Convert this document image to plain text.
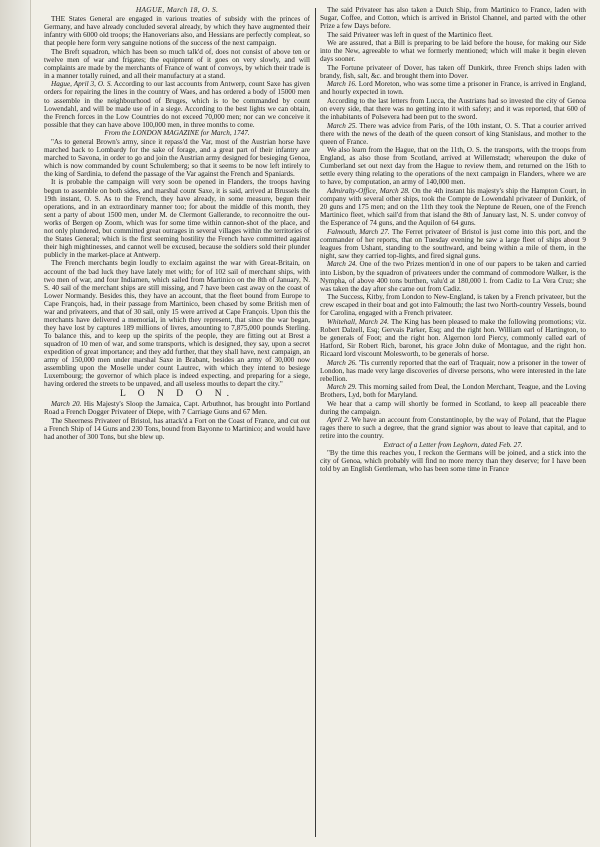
HAGUE, March 18, O. S.

THE States General are engaged in various treaties of subsidy with the princes of Germany, and have already concluded several already, by which they have augmented their infantry with 6000 old troops; the Hanoverians also, and Hessians are perfectly compleat, so that people here form very sanguine notions of the success of the next campaign.

The Breft squadron, which has been so much talk'd of, does not consist of above ten or twelve men of war and frigates; the equipment of it goes on very slowly, and will complaints are made by the merchants of France of want of convoys, by which their trade is in a manner totally ruined, and all their manufactury at a stand.

Hague, April 3, O. S. According to our last accounts from Antwerp, count Saxe has given orders for repairing the lines in the country of Waes, and has ordered a body of 15000 men to assemble in the neighbourhood of Bruges, which is to be commanded by count Lowendahl, and will be made use of in a siege. According to the best lights we can obtain, the French forces in the Low Countries do not exceed 70,000 men; nor can we conceive it possible that they can have above 100,000 men, in three months to come.

From the LONDON MAGAZINE for March, 1747.

"As to general Brown's army, since it repass'd the Var, most of the Austrian horse have marched back to Lombardy for the sake of forage, and a great part of their infantry are marched to Savona, in order to go and join the Austrian army designed for besieging Genoa, which is now commanded by count Schulemberg; so that it seems to be now left intirely to the king of Sardinia, to defend the passage of the Var against the French and Spaniards.

It is probable the campaign will very soon be opened in Flanders, the troops having begun to assemble on both sides, and marshal count Saxe, it is said, arrived at Brussels the 19th instant, O. S. As to the French, they have already, in some measure, begun their operations, and in an extraordinary manner too; for about the middle of this month, they sent a party of about 1500 men, under M. de Clermont Gallerande, to reconnoitre the out-works of Bergen op Zoom, which was for some time within cannon-shot of the place, and not only plundered, but committed great outrages in several villages within the territories of the States General; which is the first seeming hostility the French have committed against their high mightinesses, and cannot well be excused, because the soldiers sold their plunder publicly in the market-place at Antwerp.

The French merchants begin loudly to exclaim against the war with Great-Britain, on account of the bad luck they have lately met with; for of 102 sail of merchant ships, with two men of war, and four Indiamen, which sailed from Martinico on the 8th of January, N. S. 40 sail of the merchant ships are still missing, and 7 have been cast away on the coast of Lower Normandy. Besides this, they have an account, that the fleet bound from Europe to Cape François, had, in their passage from Martinico, been chased by some British men of war and privateers, and that of 30 sail, only 15 were arrived at Cape François. Upon this the merchants have delivered a memorial, in which they represent, that since the war began, they have lost by captures 189 millions of livres, amounting to 7,875,000 pounds Sterling. To balance this, and to keep up the spirits of the people, they are fitting out at Brest a squadron of 10 men of war, and some transports, which is designed, they say, upon a secret expedition of great importance; and they add further, that they shall have, next campaign, an army of 150,000 men under marshal Saxe in Brabant, besides an army of 30,000 now assembling upon the Moselle under count Lautrec, with which they intend to besiege Luxembourg; the governor of which place is indeed expecting, and preparing for a siege, having ordered the streets to be unpaved, and all useless mouths to depart the city."

L O N D O N.

March 20. His Majesty's Sloop the Jamaica, Capt. Arbuthnot, has brought into Portland Road a French Dogger Privateer of Diepe, with 7 Carriage Guns and 67 Men.

The Sheerness Privateer of Bristol, has attack'd a Fort on the Coast of France, and cut out a French Ship of 14 Guns and 230 Tons, bound from Bayonne to Martinico; and would have had another of 300 Tons, but she blew up.

The said Privateer has also taken a Dutch Ship, from Martinico to France, laden with Sugar, Coffee, and Cotton, which is arrived in Bristol Channel, and parted with the other Prize a few Days before.

The said Privateer was left in quest of the Martinico fleet.

We are assured, that a Bill is preparing to be laid before the house, for making our Side into the New, agreeable to what we formerly mentioned; which will make it begin eleven days sooner.

The Fortune privateer of Dover, has taken off Dunkirk, three French ships laden with brandy, fish, salt, &c. and brought them into Dover.

March 16. Lord Moreton, who was some time a prisoner in France, is arrived in England, and hourly expected in town.

According to the last letters from Lucca, the Austrians had so invested the city of Genoa on every side, that there was no getting into it with safety; and it was reported, that 600 of the inhabitants of Polsevera had been put to the sword.

March 25. There was advice from Paris, of the 10th instant, O. S. That a courier arrived there with the news of the death of the queen consort of king Stanislaus, and mother to the queen of France.

We also learn from the Hague, that on the 11th, O. S. the transports, with the troops from England, as also those from Scotland, arrived at Willemstadt; whereupon the duke of Cumberland set out next day from the Hague to review them, and returned on the 16th to settle every thing relating to the operations of the next campaign in Flanders, where we are to have, by computation, an army of 140,000 men.

Admiralty-Office, March 28. On the 4th instant his majesty's ship the Hampton Court, in company with several other ships, took the Compte de Lowendahl privateer of Dunkirk, of 20 guns and 175 men; and on the 11th they took the Neptune de Reuen, one of the French Martinico fleet, which sail'd from that island the 8th of January last, N. S. under convoy of the Esperance of 74 guns, and the Aquilon of 64 guns.

Falmouth, March 27. The Ferret privateer of Bristol is just come into this port, and the commander of her reports, that on Tuesday evening he saw a large fleet of ships about 9 leagues from Ushant, standing to the southward, and being within a mile of them, in the night, saw they carried top-lights, and fired signal guns.

March 24. One of the two Prizes mention'd in one of our papers to be taken and carried into Lisbon, by the squadron of privateers under the command of commodore Walker, is the Nympha, of above 400 tons burthen, valu'd at 180,000 l. from Cadiz to La Vera Cruz; she was taken the day after she came out from Cadiz.

The Success, Kitby, from London to New-England, is taken by a French privateer, but the crew escaped in their boat and got into Falmouth; the last two North-country Vessels, bound for Carolina, engaged with a French privateer.

Whitehall, March 24. The King has been pleased to make the following promotions; viz. Robert Dalzell, Esq; Gervais Parker, Esq; and the right hon. William earl of Hartington, to be generals of Foot; and the right hon. Algernon lord Piercy, commonly called earl of Hatford, Sir Robert Rich, baronet, his grace John duke of Montague, and the right hon. Ricaard lord viscount Molesworth, to be generals of horse.

March 26. 'Tis currently reported that the earl of Traquair, now a prisoner in the tower of London, has made very large discoveries of diverse persons, who were interested in the late rebellion.

March 29. This morning sailed from Deal, the London Merchant, Teague, and the Loving Brothers, Lyd, both for Maryland.

We hear that a camp will shortly be formed in Scotland, to keep all peaceable there during the campaign.

April 2. We have an account from Constantinople, by the way of Poland, that the Plague rages there to such a degree, that the grand signior was about to leave that capital, and to retire into the country.

Extract of a Letter from Leghorn, dated Feb. 27.

"By the time this reaches you, I reckon the Germans will be joined, and a stick into the city of Genoa, which probably will find no more mercy than they deserve; for I have been told by an English Gentleman, who has been some time in France
